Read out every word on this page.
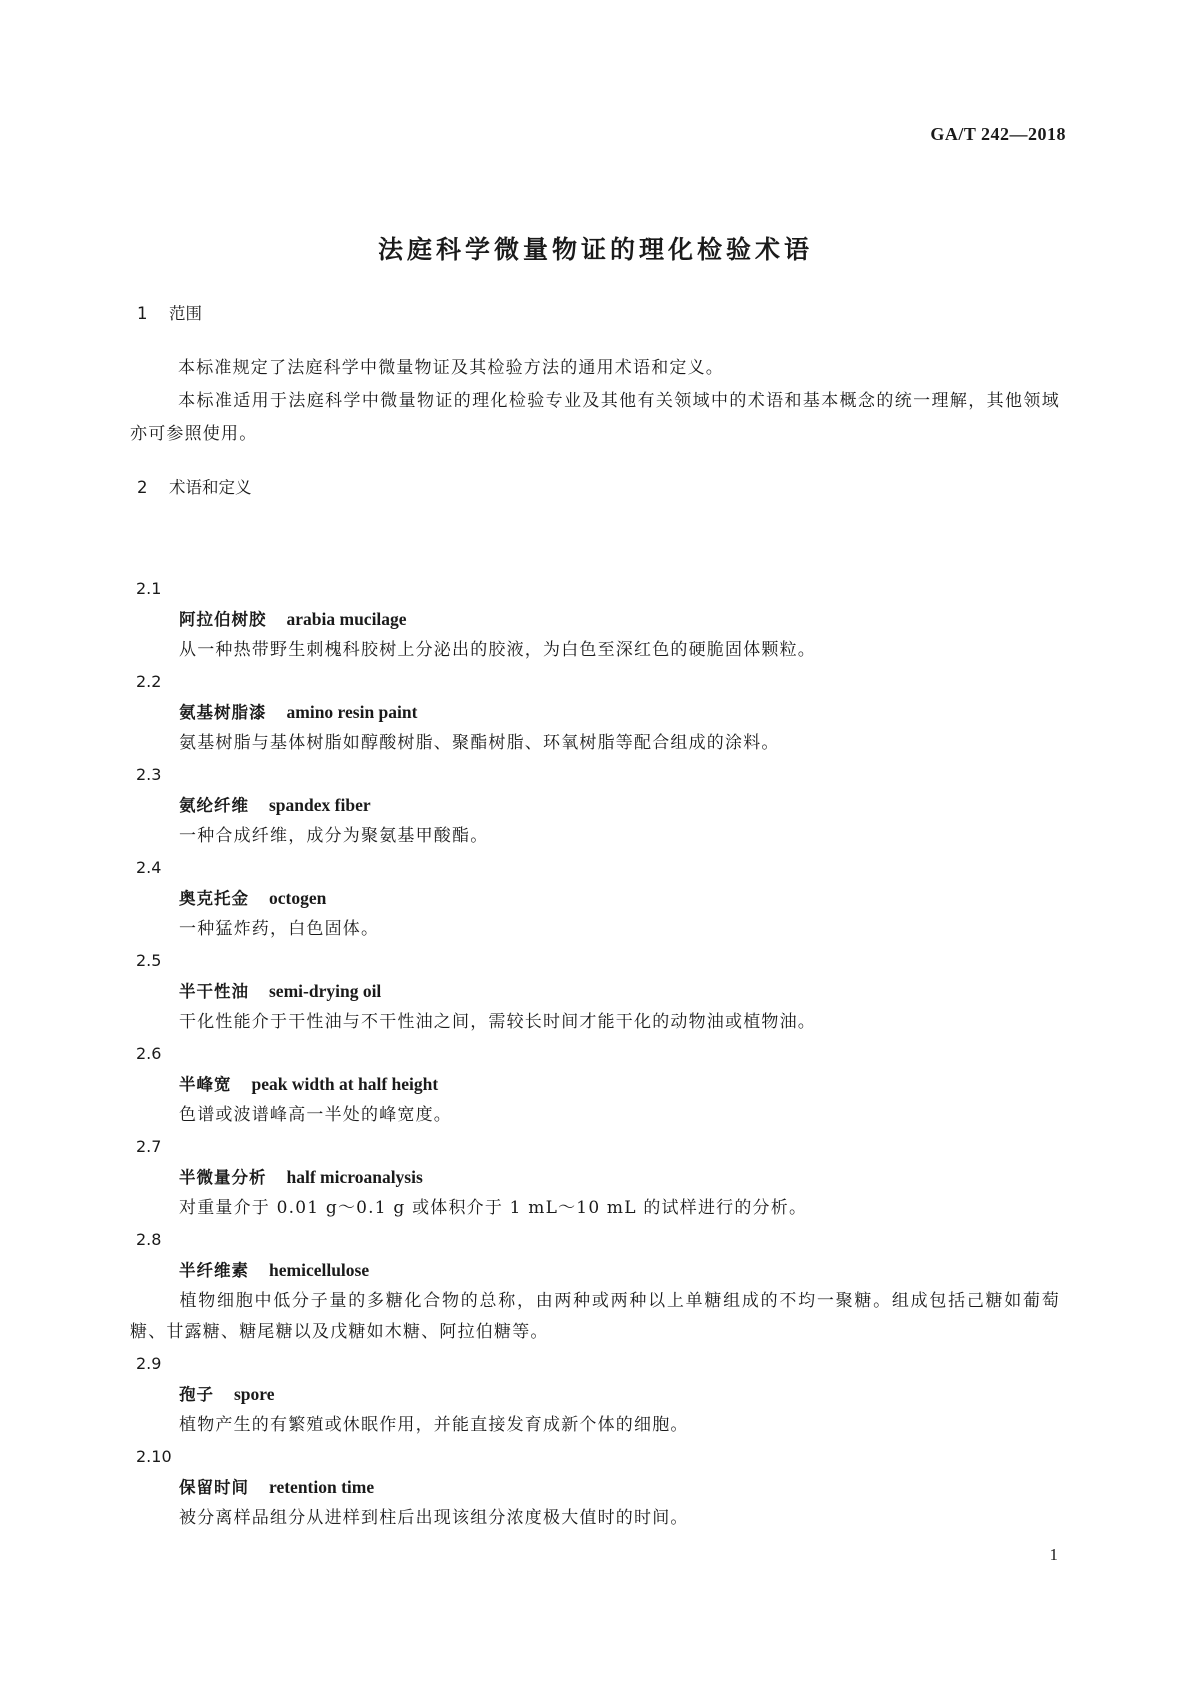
GA/T 242—2018
法庭科学微量物证的理化检验术语
1 范围
本标准规定了法庭科学中微量物证及其检验方法的通用术语和定义。
本标准适用于法庭科学中微量物证的理化检验专业及其他有关领域中的术语和基本概念的统一理解，其他领域亦可参照使用。
2 术语和定义
2.1
阿拉伯树胶 arabia mucilage
从一种热带野生刺槐科胶树上分泌出的胶液，为白色至深红色的硬脆固体颗粒。
2.2
氨基树脂漆 amino resin paint
氨基树脂与基体树脂如醇酸树脂、聚酯树脂、环氧树脂等配合组成的涂料。
2.3
氨纶纤维 spandex fiber
一种合成纤维，成分为聚氨基甲酸酯。
2.4
奥克托金 octogen
一种猛炸药，白色固体。
2.5
半干性油 semi-drying oil
干化性能介于干性油与不干性油之间，需较长时间才能干化的动物油或植物油。
2.6
半峰宽 peak width at half height
色谱或波谱峰高一半处的峰宽度。
2.7
半微量分析 half microanalysis
对重量介于 0.01 g～0.1 g 或体积介于 1 mL～10 mL 的试样进行的分析。
2.8
半纤维素 hemicellulose
植物细胞中低分子量的多糖化合物的总称，由两种或两种以上单糖组成的不均一聚糖。组成包括己糖如葡萄糖、甘露糖、糖尾糖以及戊糖如木糖、阿拉伯糖等。
2.9
孢子 spore
植物产生的有繁殖或休眠作用，并能直接发育成新个体的细胞。
2.10
保留时间 retention time
被分离样品组分从进样到柱后出现该组分浓度极大值时的时间。
1
